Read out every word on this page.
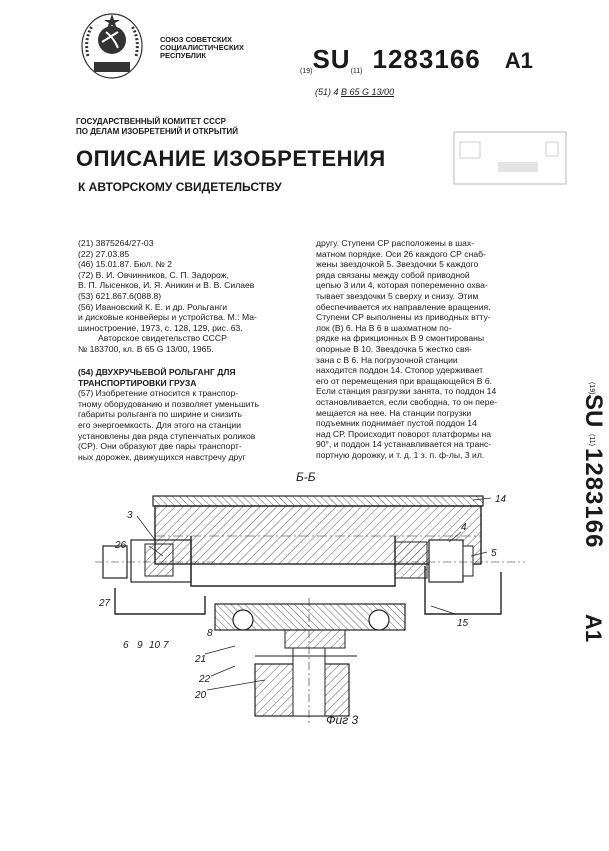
СОЮЗ СОВЕТСКИХ
СОЦИАЛИСТИЧЕСКИХ
РЕСПУБЛИК
(19)SU(11) 1283166 A1
(51) 4 В 65 G 13/00
ГОСУДАРСТВЕННЫЙ КОМИТЕТ СССР
ПО ДЕЛАМ ИЗОБРЕТЕНИЙ И ОТКРЫТИЙ
ОПИСАНИЕ ИЗОБРЕТЕНИЯ
К АВТОРСКОМУ СВИДЕТЕЛЬСТВУ

(21) 3875264/27-03

(22) 27.03.85

(46) 15.01.87. Бюл. № 2

(72) В. И. Овчинников, С. П. Задорож,

В. П. Лысенков, И. Я. Аникин и В. В. Силаев

(53) 621.867.6(088.8)

(56) Ивановский К. Е. и др. Рольганги

и дисковые конвейеры и устройства. М.: Ма-

шиностроение, 1973, с. 128, 129, рис. 63.

Авторское свидетельство СССР

№ 183700, кл. В 65 G 13/00, 1965.

(54) ДВУХРУЧЬЕВОЙ РОЛЬГАНГ ДЛЯ

ТРАНСПОРТИРОВКИ ГРУЗА

(57) Изобретение относится к транспор-

тному оборудованию и позволяет уменьшить

габариты рольганга по ширине и снизить

его энергоемкость. Для этого на станции

установлены два ряда ступенчатых роликов

(СР). Они образуют две пары транспорт-

ных дорожек, движущихся навстречу друг

другу. Ступени СР расположены в шах-
матном порядке. Оси 26 каждого СР снаб-
жены звездочкой 5. Звездочки 5 каждого
ряда связаны между собой приводной
цепью 3 или 4, которая попеременно охва-
тывает звездочки 5 сверху и снизу. Этим
обеспечивается их направление вращения.
Ступени СР выполнены из приводных втту-
лок (В) 6. На В 6 в шахматном по-
рядке на фрикционных В 9 смонтированы
опорные В 10. Звездочка 5 жестко свя-
зана с В 6. На погрузочной станции
находится поддон 14. Стопор удерживает
его от перемещения при вращающейся В 6.
Если станция разгрузки занята, то поддон 14
остановливается, если свободна, то он пере-
мещается на нее. На станции погрузки
подъемник поднимает пустой поддон 14
над СР. Происходит поворот платформы на
90°, и поддон 14 устанавливается на транс-
портную дорожку, и т. д. 1 з. п. ф-лы, 3 ил.
(19)
SU
(11)
1283166
A1
Б-Б
3
26
27
6 9 10 7
8
21
22
20
14
4
5
15
Фиг 3
